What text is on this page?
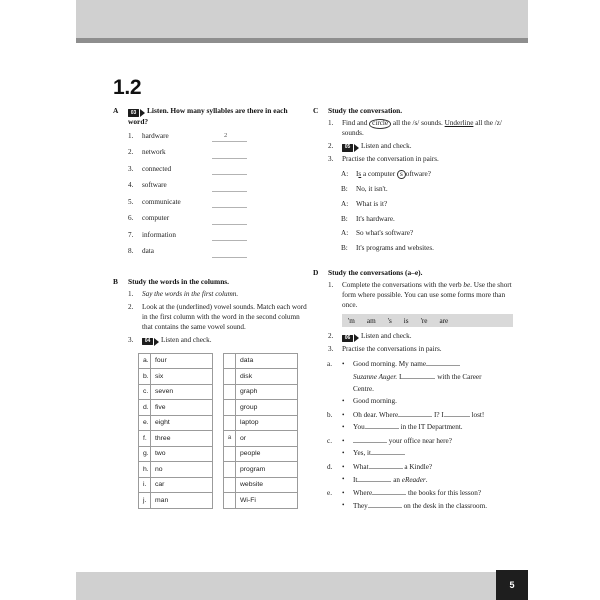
1.2
A	03	Listen. How many syllables are there in each word?
1. hardware	2
2. network
3. connected
4. software
5. communicate
6. computer
7. information
8. data
B	Study the words in the columns.
1.	Say the words in the first column.
2.	Look at the (underlined) vowel sounds. Match each word in the first column with the word in the second column that contains the same vowel sound.
3.	04	Listen and check.
a.	four
b.	six
c.	seven
d.	five
e.	eight
f.	three
g.	two
h.	no
i.	car
j.	man
	data
	disk
	graph
	group
	laptop
a	or
	people
	program
	website
	Wi-Fi
C	Study the conversation.
1.	Find and circle all the /s/ sounds. Underline all the /z/ sounds.
2.	05	Listen and check.
3.	Practise the conversation in pairs.
A: Is a computer s oftware?
B: No, it isn't.
A: What is it?
B: It's hardware.
A: So what's software?
B: It's programs and websites.
D	Study the conversations (a–e).
1.	Complete the conversations with the verb be. Use the short form where possible. You can use some forms more than once.
'm am 's is 're are
2.	06	Listen and check.
3.	Practise the conversations in pairs.
a.	• Good morning. My name
Suzanne Auger. I	with the Career
Centre.
• Good morning.
b.	• Oh dear. Where	I? I	lost!
• You	in the IT Department.
c.	• your office near here?
• Yes, it
d.	• What	a Kindle?
• It	an eReader.
e.	• Where	the books for this lesson?
• They	on the desk in the classroom.
5
